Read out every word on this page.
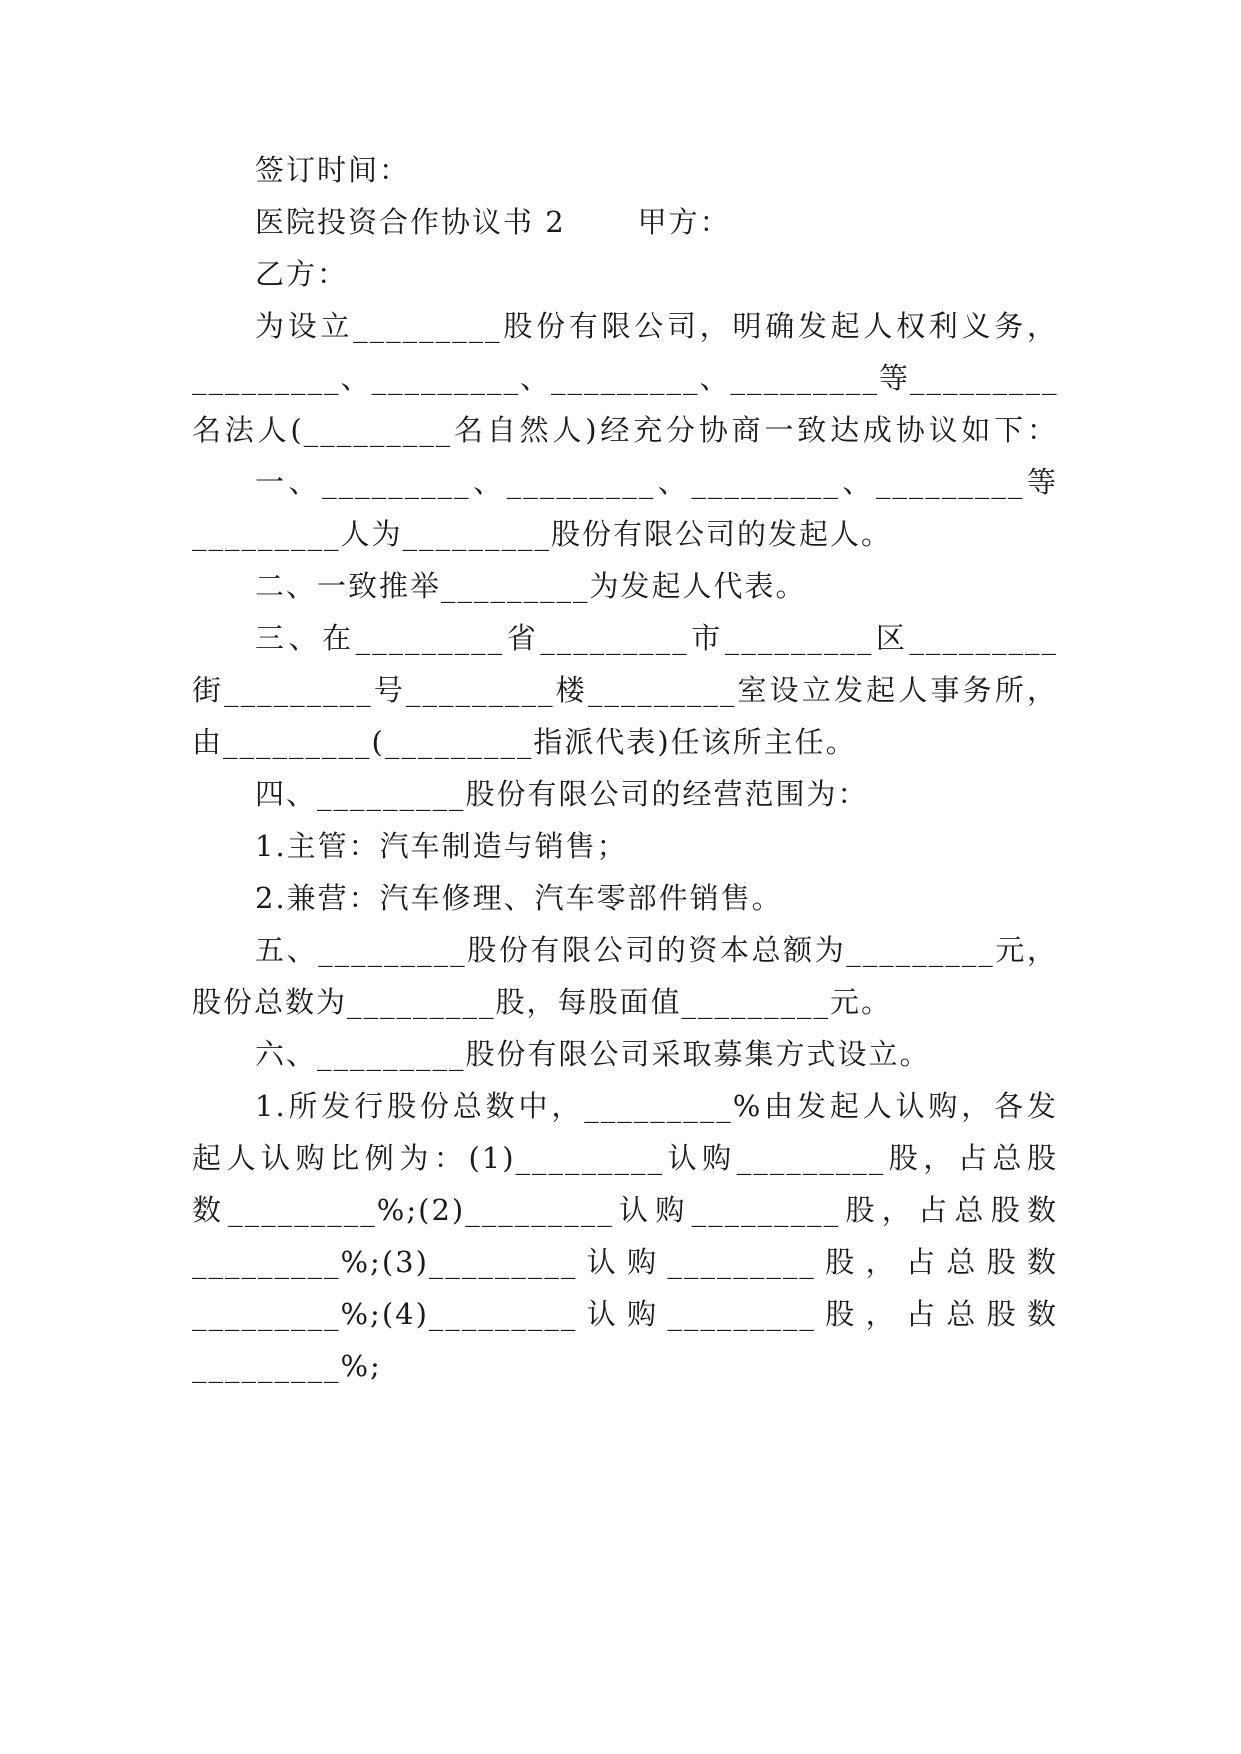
签订时间：
医院投资合作协议书 2 甲方：
乙方：
为设立_________股份有限公司，明确发起人权利义务，
_________、_________、_________、_________等_________
名法人(_________名自然人)经充分协商一致达成协议如下：
一、_________、_________、_________、_________等
_________人为_________股份有限公司的发起人。
二、一致推举_________为发起人代表。
三、在_________省_________市_________区_________
街_________号_________楼_________室设立发起人事务所，
由_________(_________指派代表)任该所主任。
四、_________股份有限公司的经营范围为：
1.主管：汽车制造与销售；
2.兼营：汽车修理、汽车零部件销售。
五、_________股份有限公司的资本总额为_________元，
股份总数为_________股，每股面值_________元。
六、_________股份有限公司采取募集方式设立。
1.所发行股份总数中，_________%由发起人认购，各发
起人认购比例为：(1)_________认购_________股，占总股
数_________%;(2)_________认购_________股，占总股数
_________%;(3)_________认购_________股，占总股数
_________%;(4)_________认购_________股，占总股数
_________%;
